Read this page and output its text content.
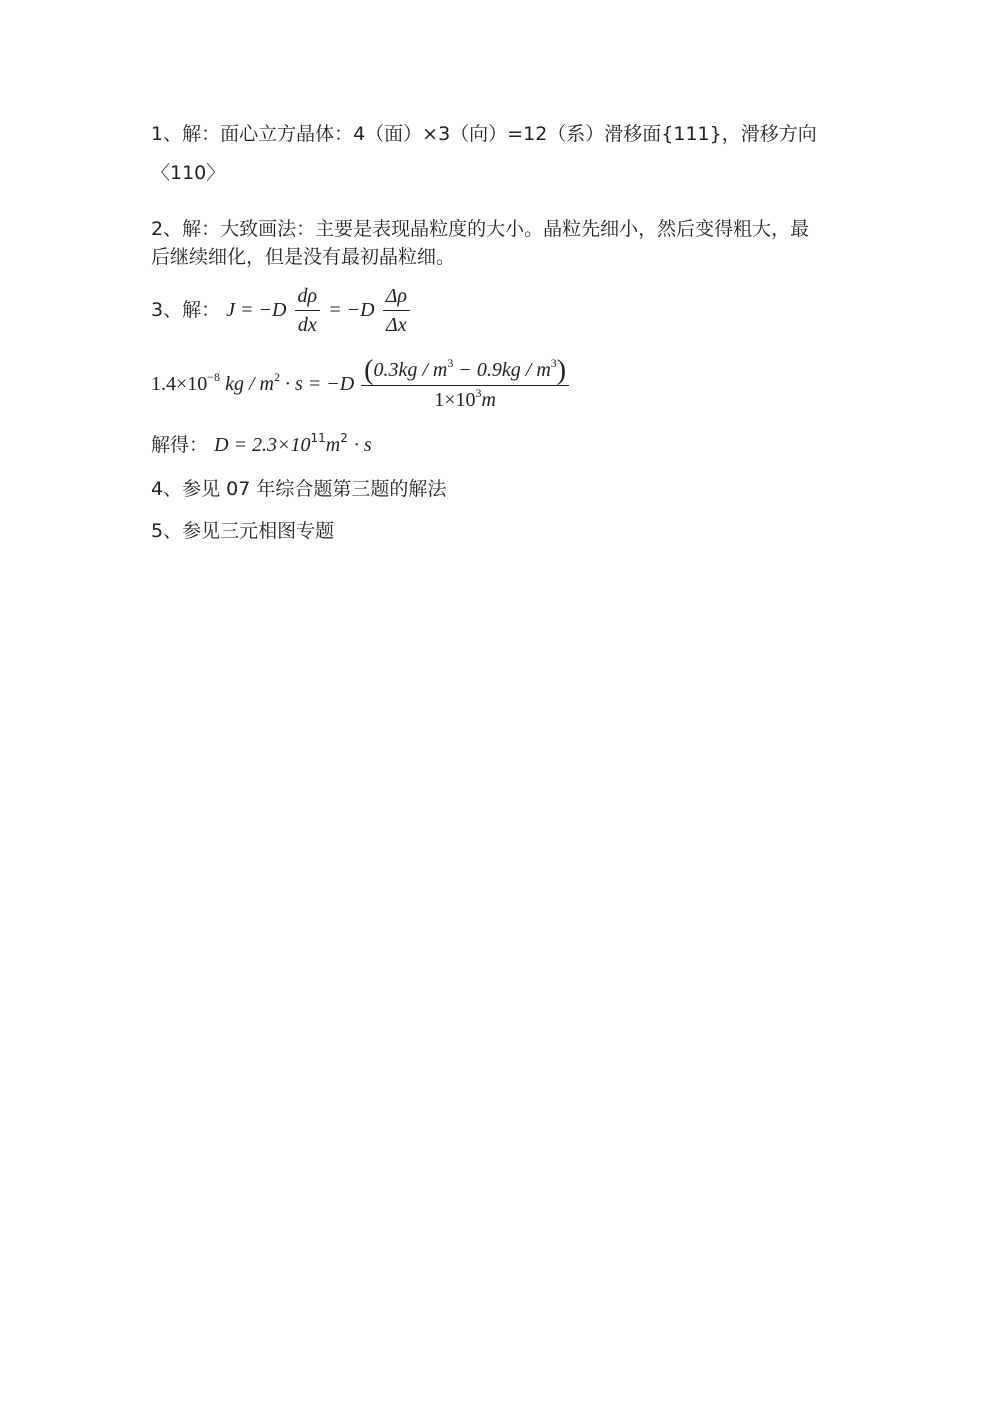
1、解：面心立方晶体：4（面）×3（向）=12（系）滑移面{111}，滑移方向
〈110〉
2、解：大致画法：主要是表现晶粒度的大小。晶粒先细小，然后变得粗大，最
后继续细化，但是没有最初晶粒细。
3、解： $J = -D \frac{d\rho}{dx} = -D \frac{\Delta\rho}{\Delta x}$
$1.4\times 10^{-8}$ kg / $m^2 \cdot s = -D \frac{(0.3kg / m^3 - 0.9kg / m^3)}{1\times 10^3m}$
解得： $D = 2.3\times 10^{11}m^2 \cdot s$
4、参见 07 年综合题第三题的解法
5、参见三元相图专题
